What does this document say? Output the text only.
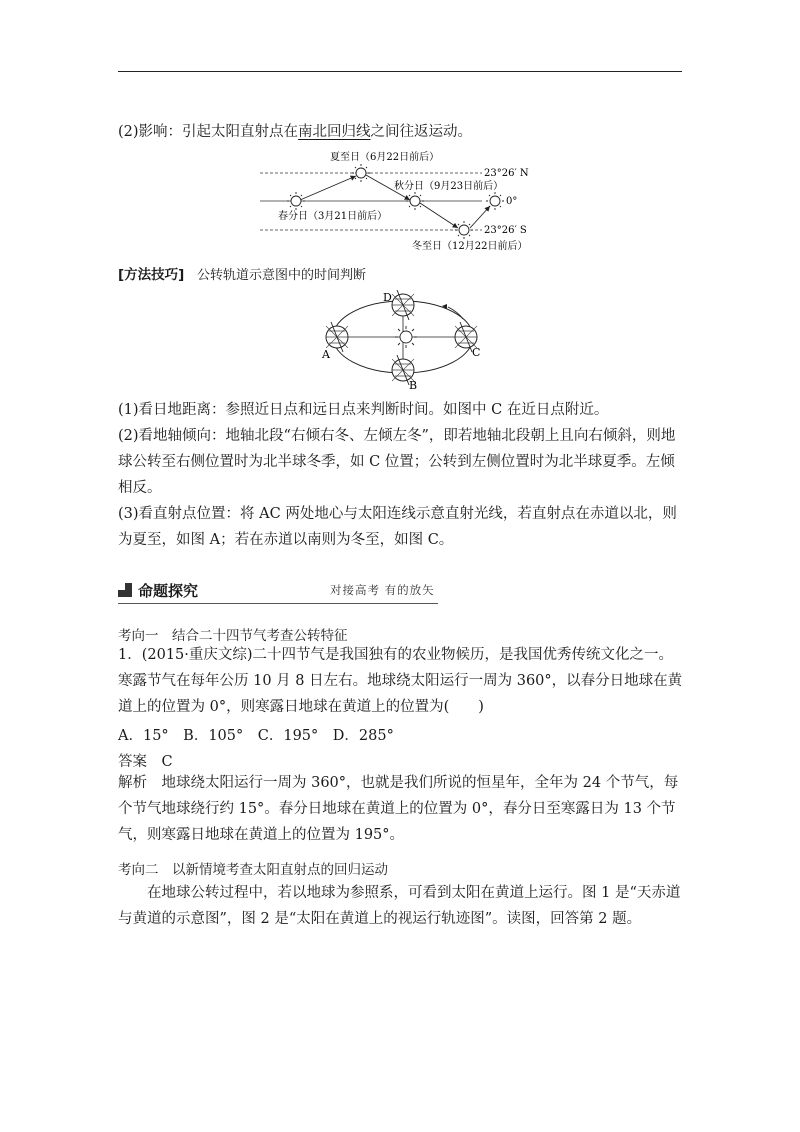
(2)影响：引起太阳直射点在南北回归线之间往返运动。
夏至日（6月22日前后）
23°26′ N
秋分日（9月23日前后）
0°
春分日（3月21日前后）
23°26′ S
冬至日（12月22日前后）
[方法技巧] 公转轨道示意图中的时间判断
A
B
C
D
(1)看日地距离：参照近日点和远日点来判断时间。如图中 C 在近日点附近。
(2)看地轴倾向：地轴北段“右倾右冬、左倾左冬”，即若地轴北段朝上且向右倾斜，则地球公转至右侧位置时为北半球冬季，如 C 位置；公转到左侧位置时为北半球夏季。左倾相反。
(3)看直射点位置：将 AC 两处地心与太阳连线示意直射光线，若直射点在赤道以北，则为夏至，如图 A；若在赤道以南则为冬至，如图 C。
命题探究	对接高考 有的放矢
考向一　结合二十四节气考查公转特征
1．(2015·重庆文综)二十四节气是我国独有的农业物候历，是我国优秀传统文化之一。寒露节气在每年公历 10 月 8 日左右。地球绕太阳运行一周为 360°，以春分日地球在黄道上的位置为 0°，则寒露日地球在黄道上的位置为(　　)
A．15°　B．105°　C．195°　D．285°
答案　C
解析　地球绕太阳运行一周为 360°，也就是我们所说的恒星年，全年为 24 个节气，每个节气地球绕行约 15°。春分日地球在黄道上的位置为 0°，春分日至寒露日为 13 个节气，则寒露日地球在黄道上的位置为 195°。
考向二　以新情境考查太阳直射点的回归运动
在地球公转过程中，若以地球为参照系，可看到太阳在黄道上运行。图 1 是“天赤道与黄道的示意图”，图 2 是“太阳在黄道上的视运行轨迹图”。读图，回答第 2 题。
